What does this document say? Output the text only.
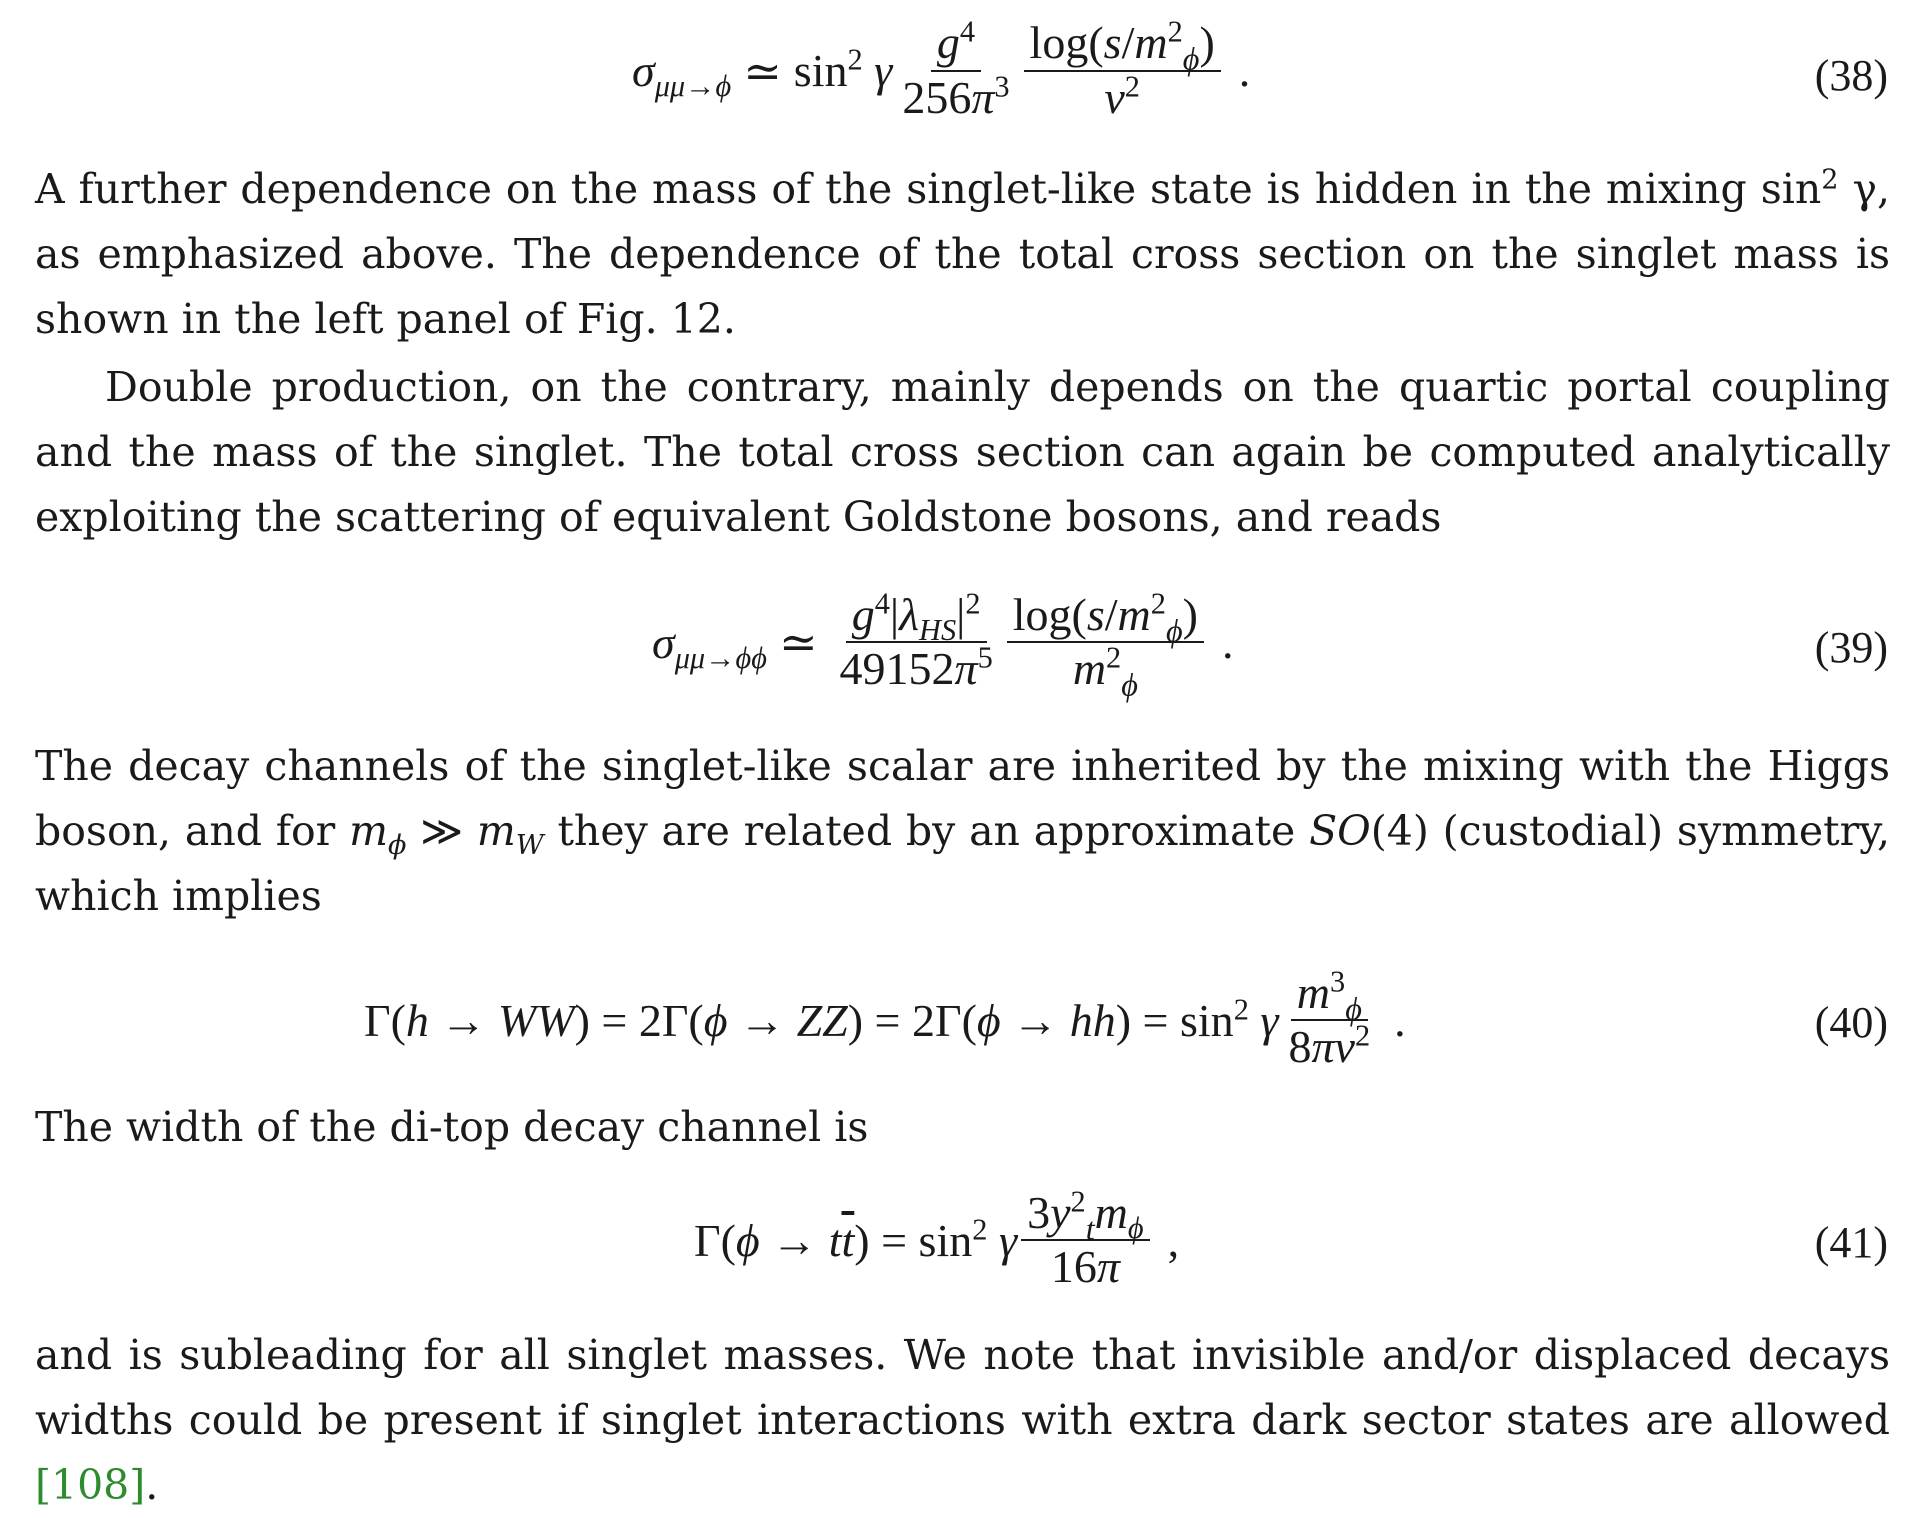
$\sigma_{\mu\mu\to\phi}$ ≃ $\sin^2 \gamma \frac{g^4}{256\pi^3} \frac{\log(s/m^2_\phi)}{v^2}$ .	(38)

A further dependence on the mass of the singlet-like state is hidden in the mixing $\sin^2 \gamma$, as emphasized above. The dependence of the total cross section on the singlet mass is shown in the left panel of Fig. 12.

Double production, on the contrary, mainly depends on the quartic portal coupling and the mass of the singlet. The total cross section can again be computed analytically exploiting the scattering of equivalent Goldstone bosons, and reads

$\sigma_{\mu\mu\to\phi\phi}$ ≃ $\frac{g^4|\lambda_{HS}|^2}{49152\pi^5} \frac{\log(s/m^2_\phi)}{m^2_\phi}$ .	(39)

The decay channels of the singlet-like scalar are inherited by the mixing with the Higgs boson, and for $m_\phi$ ≫ $m_W$ they are related by an approximate SO(4) (custodial) symmetry, which implies

$\Gamma(h \to WW) = 2\Gamma(\phi \to ZZ) = 2\Gamma(\phi \to hh) = \sin^2 \gamma \frac{m^3_\phi}{8\pi v^2}$ .	(40)

The width of the di-top decay channel is

$\Gamma(\phi \to t\overline{t}) = \sin^2 \gamma \frac{3y^2_tm_\phi}{16\pi}$ ,	(41)

and is subleading for all singlet masses. We note that invisible and/or displaced decays widths could be present if singlet interactions with extra dark sector states are allowed [108].
